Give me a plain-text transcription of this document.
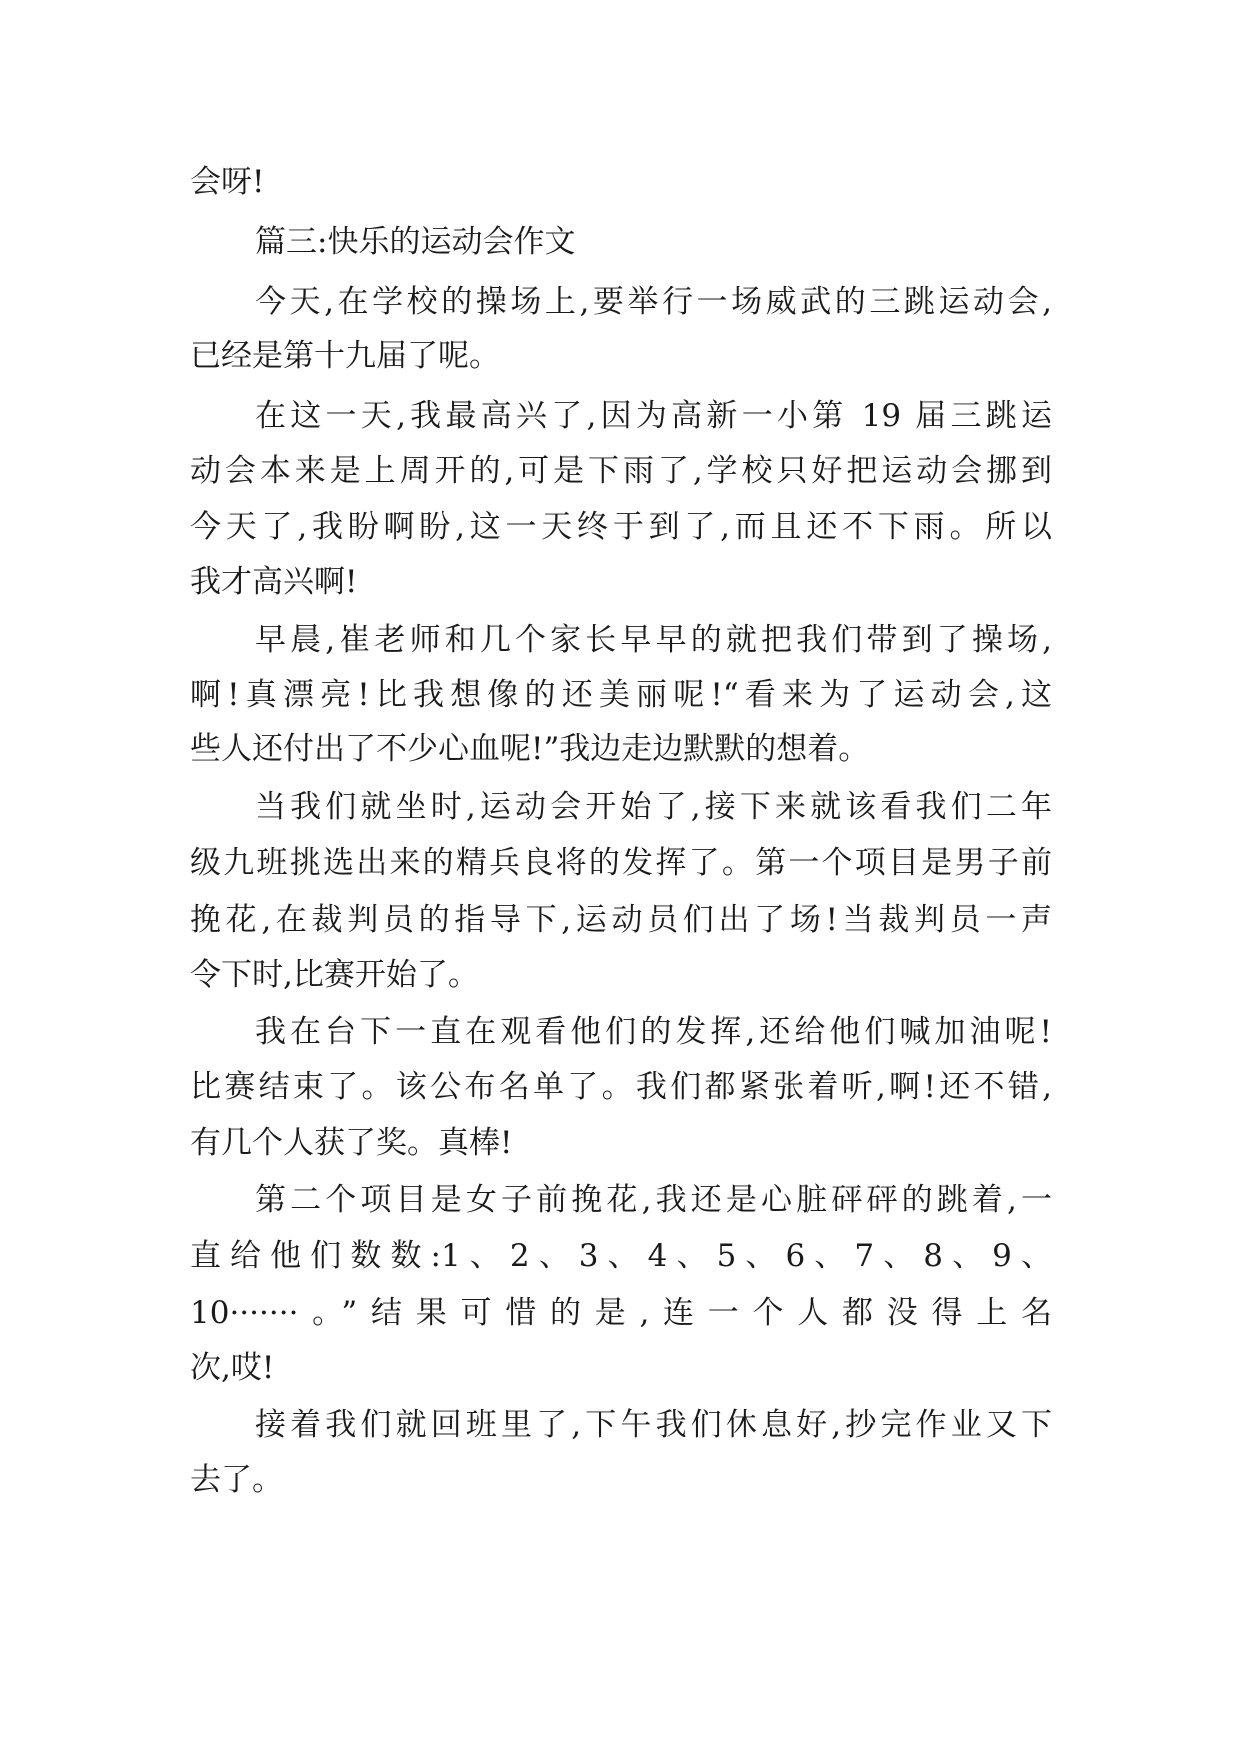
会呀!
篇三:快乐的运动会作文
今天,在学校的操场上,要举行一场威武的三跳运动会,
已经是第十九届了呢。
在这一天,我最高兴了,因为高新一小第 19 届三跳运
动会本来是上周开的,可是下雨了,学校只好把运动会挪到
今天了,我盼啊盼,这一天终于到了,而且还不下雨。所以
我才高兴啊!
早晨,崔老师和几个家长早早的就把我们带到了操场,
啊!真漂亮!比我想像的还美丽呢!“看来为了运动会,这
些人还付出了不少心血呢!”我边走边默默的想着。
当我们就坐时,运动会开始了,接下来就该看我们二年
级九班挑选出来的精兵良将的发挥了。第一个项目是男子前
挽花,在裁判员的指导下,运动员们出了场!当裁判员一声
令下时,比赛开始了。
我在台下一直在观看他们的发挥,还给他们喊加油呢!
比赛结束了。该公布名单了。我们都紧张着听,啊!还不错,
有几个人获了奖。真棒!
第二个项目是女子前挽花,我还是心脏砰砰的跳着,一
直给他们数数:1、2、3、4、5、6、7、8、9、
10·······。”结果可惜的是,连一个人都没得上名
次,哎!
接着我们就回班里了,下午我们休息好,抄完作业又下
去了。
